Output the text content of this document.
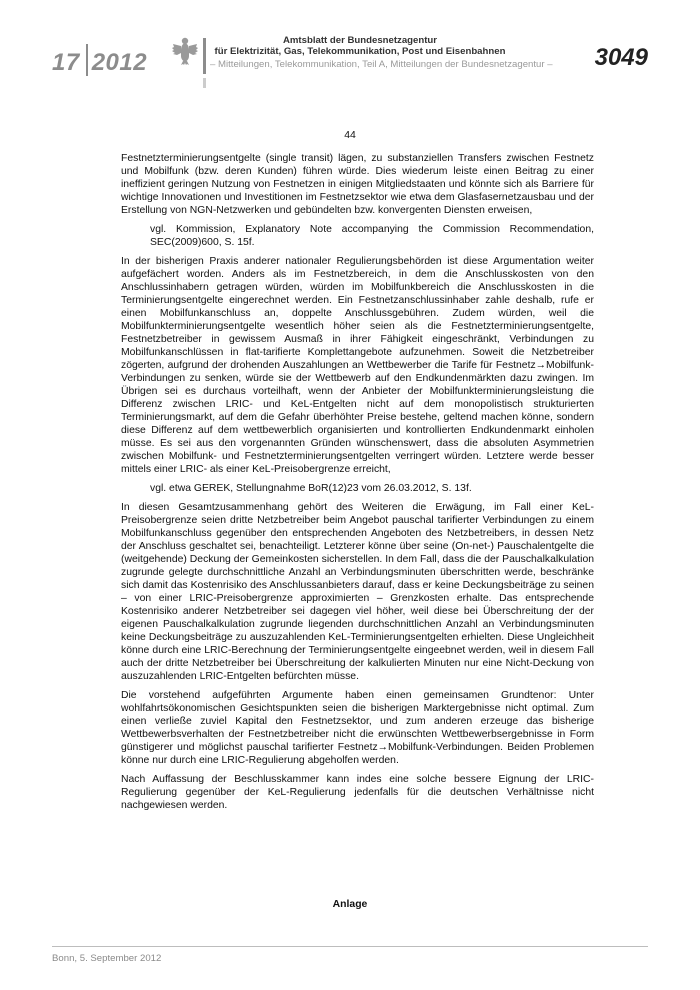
17 2012
Amtsblatt der Bundesnetzagentur
für Elektrizität, Gas, Telekommunikation, Post und Eisenbahnen
– Mitteilungen, Telekommunikation, Teil A, Mitteilungen der Bundesnetzagentur – 3049
44

Festnetzterminierungsentgelte (single transit) lägen, zu substanziellen Transfers zwischen Festnetz und Mobilfunk (bzw. deren Kunden) führen würde. Dies wiederum leiste einen Beitrag zu einer ineffizient geringen Nutzung von Festnetzen in einigen Mitgliedstaaten und könnte sich als Barriere für wichtige Innovationen und Investitionen im Festnetzsektor wie etwa dem Glasfasernetzausbau und der Erstellung von NGN-Netzwerken und gebündelten bzw. konvergenten Diensten erweisen,

vgl. Kommission, Explanatory Note accompanying the Commission Recommendation, SEC(2009)600, S. 15f.

In der bisherigen Praxis anderer nationaler Regulierungsbehörden ist diese Argumentation weiter aufgefächert worden. Anders als im Festnetzbereich, in dem die Anschlusskosten von den Anschlussinhabern getragen würden, würden im Mobilfunkbereich die Anschlusskosten in die Terminierungsentgelte eingerechnet werden. Ein Festnetzanschlussinhaber zahle deshalb, rufe er einen Mobilfunkanschluss an, doppelte Anschlussgebühren. Zudem würden, weil die Mobilfunkterminierungsentgelte wesentlich höher seien als die Festnetzterminierungsentgelte, Festnetzbetreiber in gewissem Ausmaß in ihrer Fähigkeit eingeschränkt, Verbindungen zu Mobilfunkanschlüssen in flat-tarifierte Komplettangebote aufzunehmen. Soweit die Netzbetreiber zögerten, aufgrund der drohenden Auszahlungen an Wettbewerber die Tarife für Festnetz→Mobilfunk-Verbindungen zu senken, würde sie der Wettbewerb auf den Endkundenmärkten dazu zwingen. Im Übrigen sei es durchaus vorteilhaft, wenn der Anbieter der Mobilfunkterminierungsleistung die Differenz zwischen LRIC- und KeL-Entgelten nicht auf dem monopolistisch strukturierten Terminierungsmarkt, auf dem die Gefahr überhöhter Preise bestehe, geltend machen könne, sondern diese Differenz auf dem wettbewerblich organisierten und kontrollierten Endkundenmarkt einholen müsse. Es sei aus den vorgenannten Gründen wünschenswert, dass die absoluten Asymmetrien zwischen Mobilfunk- und Festnetzterminierungsentgelten verringert würden. Letztere werde besser mittels einer LRIC- als einer KeL-Preisobergrenze erreicht,

vgl. etwa GEREK, Stellungnahme BoR(12)23 vom 26.03.2012, S. 13f.

In diesen Gesamtzusammenhang gehört des Weiteren die Erwägung, im Fall einer KeL-Preisobergrenze seien dritte Netzbetreiber beim Angebot pauschal tarifierter Verbindungen zu einem Mobilfunkanschluss gegenüber den entsprechenden Angeboten des Netzbetreibers, in dessen Netz der Anschluss geschaltet sei, benachteiligt. Letzterer könne über seine (On-net-) Pauschalentgelte die (weitgehende) Deckung der Gemeinkosten sicherstellen. In dem Fall, dass die der Pauschalkalkulation zugrunde gelegte durchschnittliche Anzahl an Verbindungsminuten überschritten werde, beschränke sich damit das Kostenrisiko des Anschlussanbieters darauf, dass er keine Deckungsbeiträge zu seinen – von einer LRIC-Preisobergrenze approximierten – Grenzkosten erhalte. Das entsprechende Kostenrisiko anderer Netzbetreiber sei dagegen viel höher, weil diese bei Überschreitung der der eigenen Pauschalkalkulation zugrunde liegenden durchschnittlichen Anzahl an Verbindungsminuten keine Deckungsbeiträge zu auszuzahlenden KeL-Terminierungsentgelten erhielten. Diese Ungleichheit könne durch eine LRIC-Berechnung der Terminierungsentgelte eingeebnet werden, weil in diesem Fall auch der dritte Netzbetreiber bei Überschreitung der kalkulierten Minuten nur eine Nicht-Deckung von auszuzahlenden LRIC-Entgelten befürchten müsse.

Die vorstehend aufgeführten Argumente haben einen gemeinsamen Grundtenor: Unter wohlfahrtsökonomischen Gesichtspunkten seien die bisherigen Marktergebnisse nicht optimal. Zum einen verließe zuviel Kapital den Festnetzsektor, und zum anderen erzeuge das bisherige Wettbewerbsverhalten der Festnetzbetreiber nicht die erwünschten Wettbewerbsergebnisse in Form günstigerer und möglichst pauschal tarifierter Festnetz→Mobilfunk-Verbindungen. Beiden Problemen könne nur durch eine LRIC-Regulierung abgeholfen werden.

Nach Auffassung der Beschlusskammer kann indes eine solche bessere Eignung der LRIC-Regulierung gegenüber der KeL-Regulierung jedenfalls für die deutschen Verhältnisse nicht nachgewiesen werden.

Anlage
Bonn, 5. September 2012
